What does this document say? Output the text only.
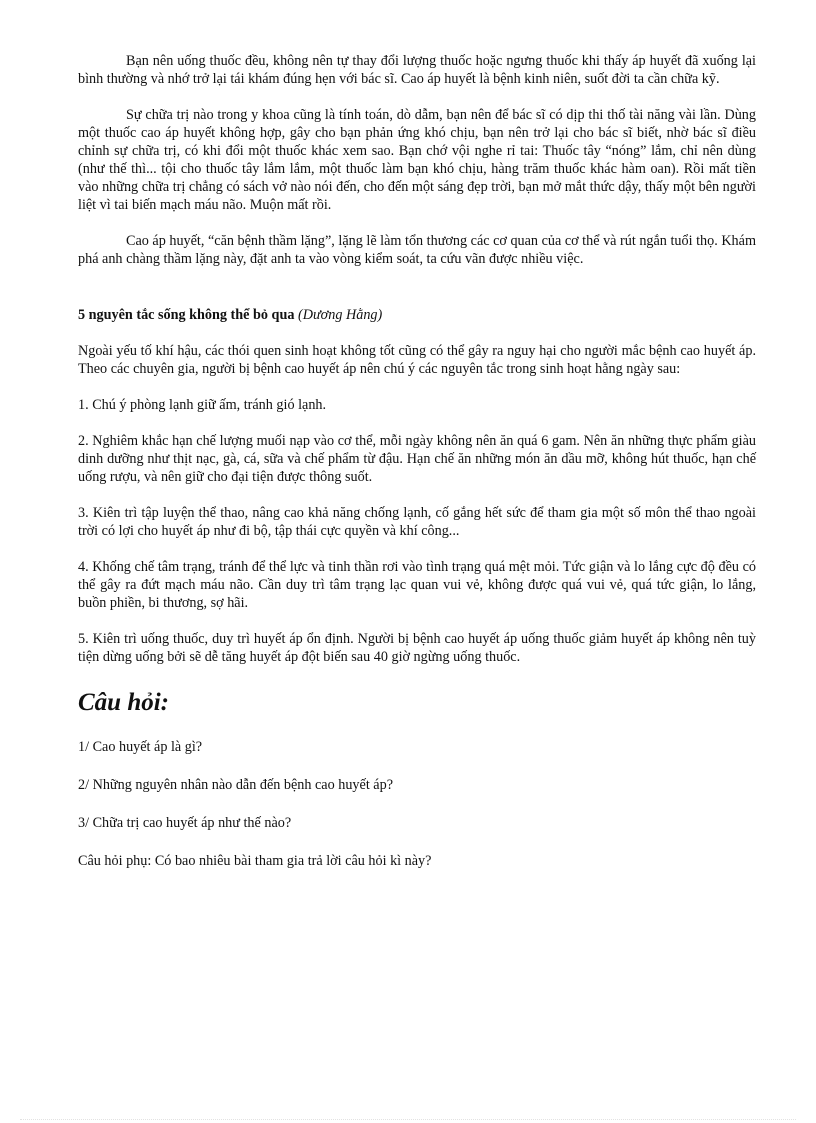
Bạn nên uống thuốc đều, không nên tự thay đổi lượng thuốc hoặc ngưng thuốc khi thấy áp huyết đã xuống lại bình thường và nhớ trở lại tái khám đúng hẹn với bác sĩ. Cao áp huyết là bệnh kinh niên, suốt đời ta cần chữa kỹ.

Sự chữa trị nào trong y khoa cũng là tính toán, dò dẫm, bạn nên để bác sĩ có dịp thi thố tài năng vài lần. Dùng một thuốc cao áp huyết không hợp, gây cho bạn phản ứng khó chịu, bạn nên trở lại cho bác sĩ biết, nhờ bác sĩ điều chỉnh sự chữa trị, có khi đổi một thuốc khác xem sao. Bạn chớ vội nghe rỉ tai: Thuốc tây “nóng” lắm, chỉ nên dùng (như thế thì... tội cho thuốc tây lắm lắm, một thuốc làm bạn khó chịu, hàng trăm thuốc khác hàm oan). Rồi mất tiền vào những chữa trị chẳng có sách vở nào nói đến, cho đến một sáng đẹp trời, bạn mở mắt thức dậy, thấy một bên người liệt vì tai biến mạch máu não. Muộn mất rồi.

Cao áp huyết, “căn bệnh thầm lặng”, lặng lẽ làm tổn thương các cơ quan của cơ thể và rút ngắn tuổi thọ. Khám phá anh chàng thầm lặng này, đặt anh ta vào vòng kiểm soát, ta cứu vãn được nhiều việc.

5 nguyên tắc sống không thể bỏ qua (Dương Hằng)

Ngoài yếu tố khí hậu, các thói quen sinh hoạt không tốt cũng có thể gây ra nguy hại cho người mắc bệnh cao huyết áp. Theo các chuyên gia, người bị bệnh cao huyết áp nên chú ý các nguyên tắc trong sinh hoạt hằng ngày sau:

1. Chú ý phòng lạnh giữ ấm, tránh gió lạnh.

2. Nghiêm khắc hạn chế lượng muối nạp vào cơ thể, mỗi ngày không nên ăn quá 6 gam. Nên ăn những thực phẩm giàu dinh dưỡng như thịt nạc, gà, cá, sữa và chế phẩm từ đậu. Hạn chế ăn những món ăn dầu mỡ, không hút thuốc, hạn chế uống rượu, và nên giữ cho đại tiện được thông suốt.

3. Kiên trì tập luyện thể thao, nâng cao khả năng chống lạnh, cố gắng hết sức để tham gia một số môn thể thao ngoài trời có lợi cho huyết áp như đi bộ, tập thái cực quyền và khí công...

4. Khống chế tâm trạng, tránh để thể lực và tinh thần rơi vào tình trạng quá mệt mỏi. Tức giận và lo lắng cực độ đều có thể gây ra đứt mạch máu não. Cần duy trì tâm trạng lạc quan vui vẻ, không được quá vui vẻ, quá tức giận, lo lắng, buồn phiền, bi thương, sợ hãi.

5. Kiên trì uống thuốc, duy trì huyết áp ổn định. Người bị bệnh cao huyết áp uống thuốc giảm huyết áp không nên tuỳ tiện dừng uống bởi sẽ dễ tăng huyết áp đột biến sau 40 giờ ngừng uống thuốc.

Câu hỏi:

1/ Cao huyết áp là gì?

2/ Những nguyên nhân nào dẫn đến bệnh cao huyết áp?

3/ Chữa trị cao huyết áp như thế nào?

Câu hỏi phụ: Có bao nhiêu bài tham gia trả lời câu hỏi kì này?
